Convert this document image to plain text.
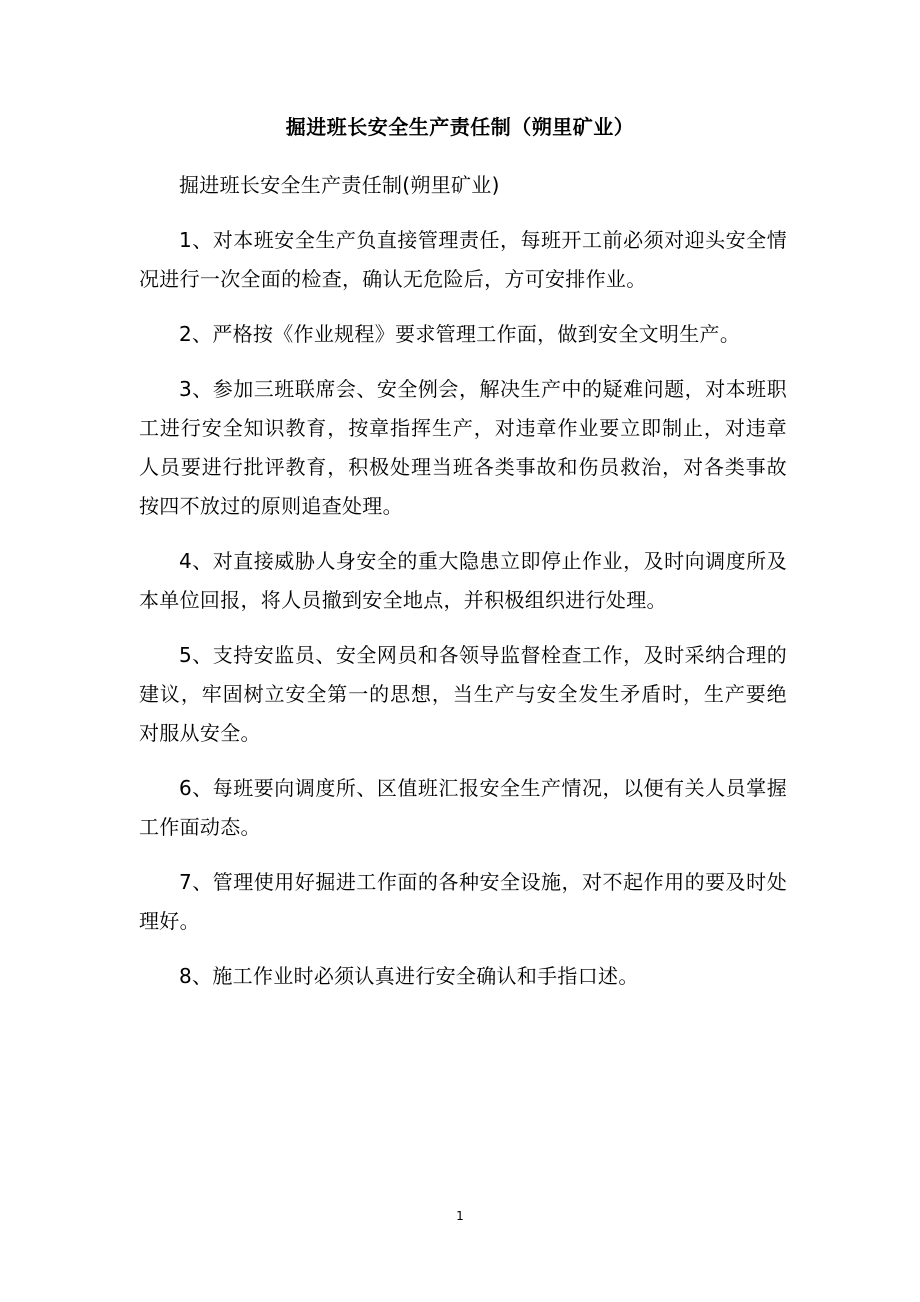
掘进班长安全生产责任制（朔里矿业）

掘进班长安全生产责任制(朔里矿业)

1、对本班安全生产负直接管理责任，每班开工前必须对迎头安全情况进行一次全面的检查，确认无危险后，方可安排作业。

2、严格按《作业规程》要求管理工作面，做到安全文明生产。

3、参加三班联席会、安全例会，解决生产中的疑难问题，对本班职工进行安全知识教育，按章指挥生产，对违章作业要立即制止，对违章人员要进行批评教育，积极处理当班各类事故和伤员救治，对各类事故按四不放过的原则追查处理。

4、对直接威胁人身安全的重大隐患立即停止作业，及时向调度所及本单位回报，将人员撤到安全地点，并积极组织进行处理。

5、支持安监员、安全网员和各领导监督栓查工作，及时采纳合理的建议，牢固树立安全第一的思想，当生产与安全发生矛盾时，生产要绝对服从安全。

6、每班要向调度所、区值班汇报安全生产情况，以便有关人员掌握工作面动态。

7、管理使用好掘进工作面的各种安全设施，对不起作用的要及时处理好。

8、施工作业时必须认真进行安全确认和手指口述。

1
